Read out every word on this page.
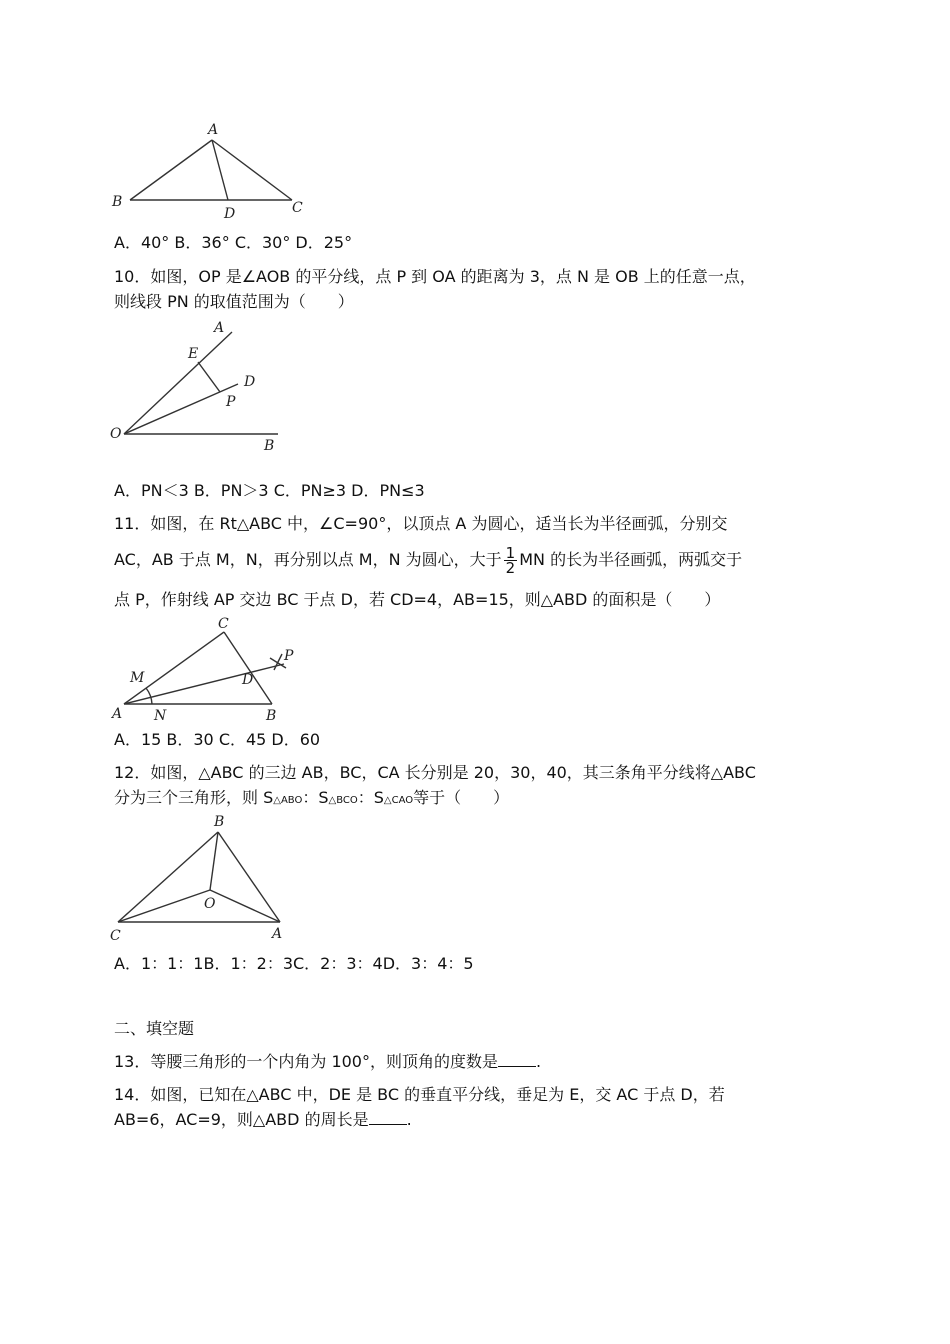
A
B
D	C
A．40° B．36° C．30° D．25°
10．如图，OP 是∠AOB 的平分线，点 P 到 OA 的距离为 3，点 N 是 OB 上的任意一点，
则线段 PN 的取值范围为（　　）
A
E
D
P
O
B
A．PN＜3 B．PN＞3 C．PN≥3 D．PN≤3
11．如图，在 Rt△ABC 中，∠C=90°，以顶点 A 为圆心，适当长为半径画弧，分别交
AC，AB 于点 M，N，再分别以点 M，N 为圆心，大于 $\frac{1}{2}$ MN 的长为半径画弧，两弧交于
点 P，作射线 AP 交边 BC 于点 D，若 CD=4，AB=15，则△ABD 的面积是（　　）
C
P
M	D
A N	B
A．15 B．30 C．45 D．60
12．如图，△ABC 的三边 AB，BC，CA 长分别是 20，30，40，其三条角平分线将△ABC
分为三个三角形，则 S△ABO：S△BCO：S△CAO等于（　　）
B
O
C	A
A．1：1：1B．1：2：3C．2：3：4D．3：4：5
二、填空题
13．等腰三角形的一个内角为 100°，则顶角的度数是 .
14．如图，已知在△ABC 中，DE 是 BC 的垂直平分线，垂足为 E，交 AC 于点 D，若
AB=6，AC=9，则△ABD 的周长是 .
